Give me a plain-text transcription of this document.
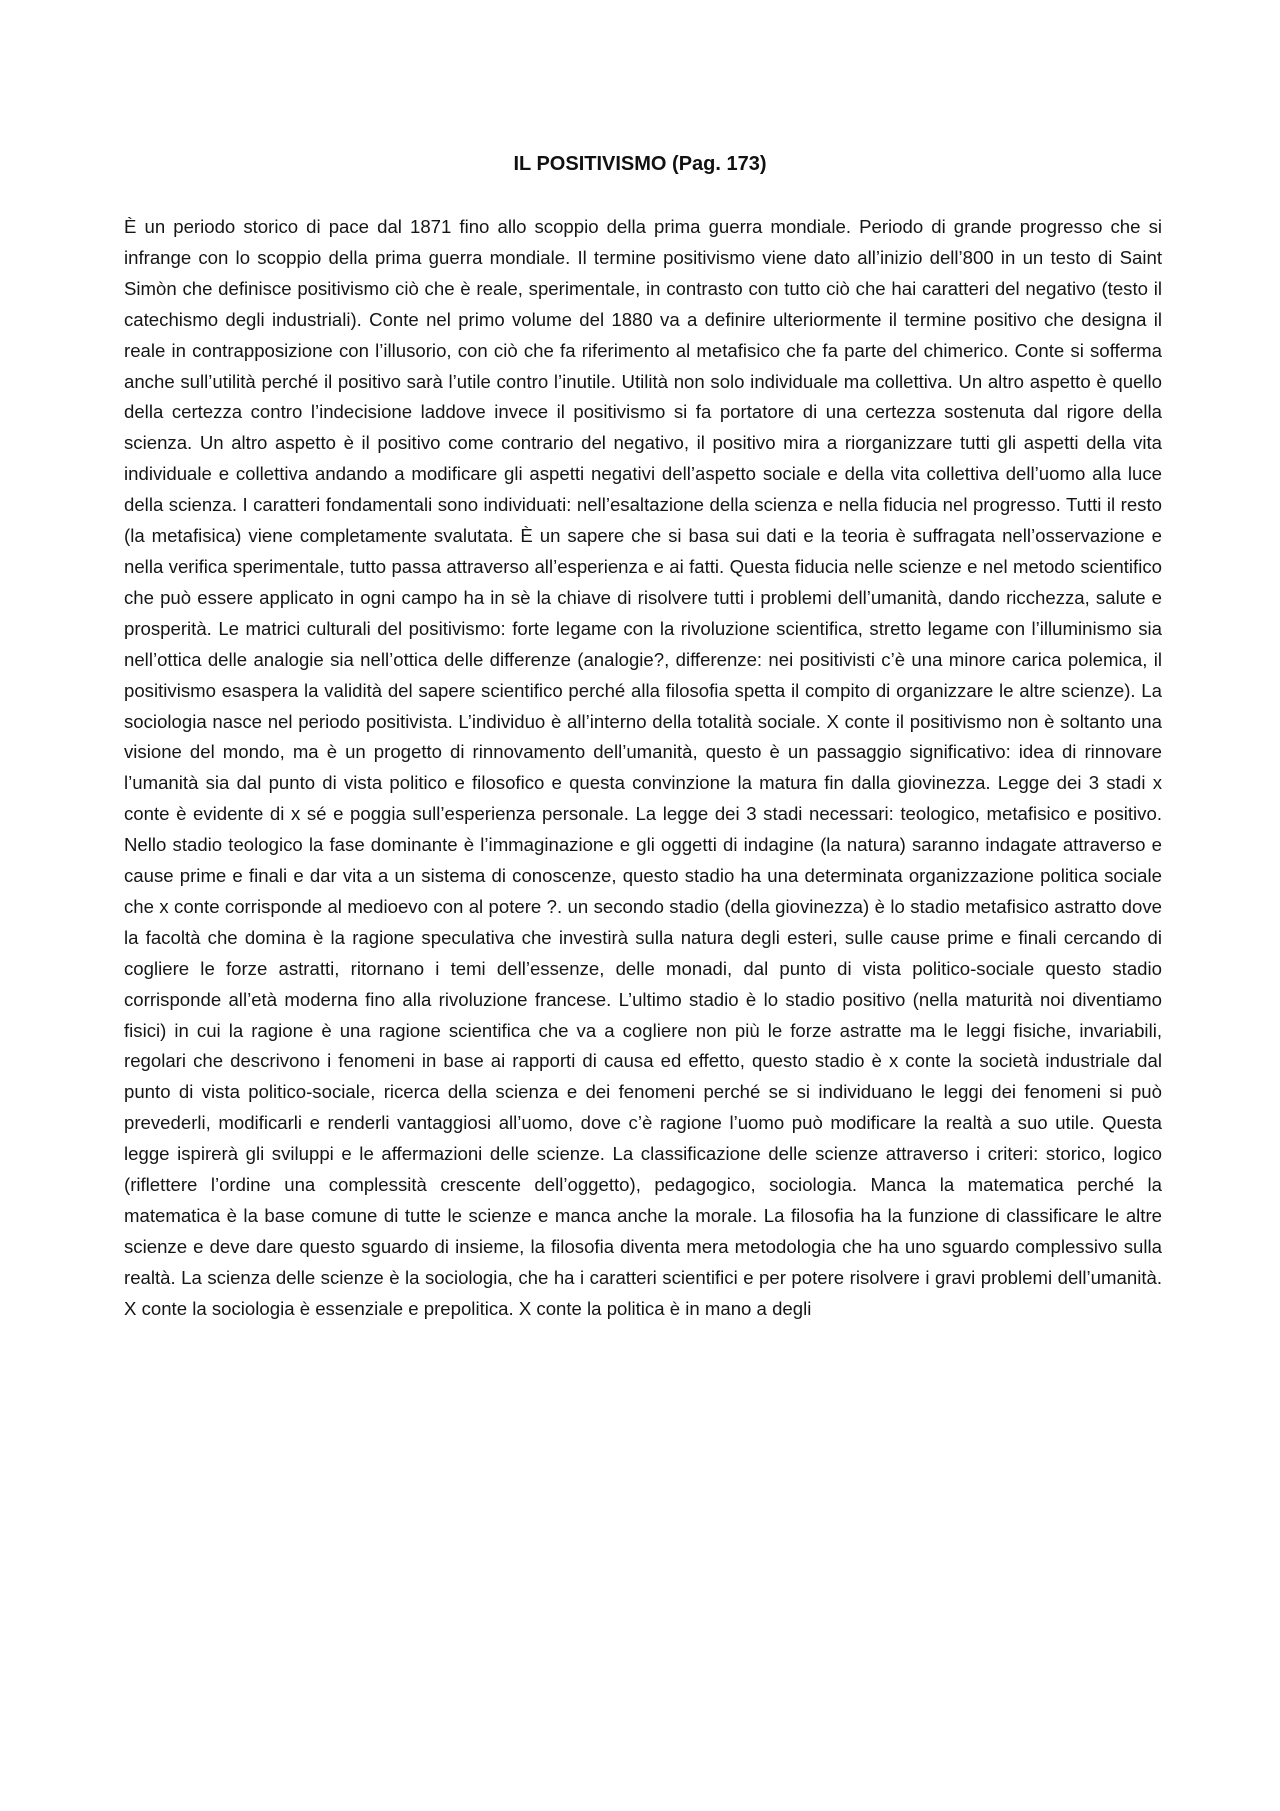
IL POSITIVISMO (Pag. 173)

È un periodo storico di pace dal 1871 fino allo scoppio della prima guerra mondiale. Periodo di grande progresso che si infrange con lo scoppio della prima guerra mondiale. Il termine positivismo viene dato all’inizio dell’800 in un testo di Saint Simòn che definisce positivismo ciò che è reale, sperimentale, in contrasto con tutto ciò che hai caratteri del negativo (testo il catechismo degli industriali). Conte nel primo volume del 1880 va a definire ulteriormente il termine positivo che designa il reale in contrapposizione con l’illusorio, con ciò che fa riferimento al metafisico che fa parte del chimerico. Conte si sofferma anche sull’utilità perché il positivo sarà l’utile contro l’inutile. Utilità non solo individuale ma collettiva. Un altro aspetto è quello della certezza contro l’indecisione laddove invece il positivismo si fa portatore di una certezza sostenuta dal rigore della scienza. Un altro aspetto è il positivo come contrario del negativo, il positivo mira a riorganizzare tutti gli aspetti della vita individuale e collettiva andando a modificare gli aspetti negativi dell’aspetto sociale e della vita collettiva dell’uomo alla luce della scienza. I caratteri fondamentali sono individuati: nell’esaltazione della scienza e nella fiducia nel progresso. Tutti il resto (la metafisica) viene completamente svalutata. È un sapere che si basa sui dati e la teoria è suffragata nell’osservazione e nella verifica sperimentale, tutto passa attraverso all’esperienza e ai fatti. Questa fiducia nelle scienze e nel metodo scientifico che può essere applicato in ogni campo ha in sè la chiave di risolvere tutti i problemi dell’umanità, dando ricchezza, salute e prosperità. Le matrici culturali del positivismo: forte legame con la rivoluzione scientifica, stretto legame con l’illuminismo sia nell’ottica delle analogie sia nell’ottica delle differenze (analogie?, differenze: nei positivisti c’è una minore carica polemica, il positivismo esaspera la validità del sapere scientifico perché alla filosofia spetta il compito di organizzare le altre scienze). La sociologia nasce nel periodo positivista. L’individuo è all’interno della totalità sociale. X conte il positivismo non è soltanto una visione del mondo, ma è un progetto di rinnovamento dell’umanità, questo è un passaggio significativo: idea di rinnovare l’umanità sia dal punto di vista politico e filosofico e questa convinzione la matura fin dalla giovinezza. Legge dei 3 stadi x conte è evidente di x sé e poggia sull’esperienza personale. La legge dei 3 stadi necessari: teologico, metafisico e positivo. Nello stadio teologico la fase dominante è l’immaginazione e gli oggetti di indagine (la natura) saranno indagate attraverso e cause prime e finali e dar vita a un sistema di conoscenze, questo stadio ha una determinata organizzazione politica sociale che x conte corrisponde al medioevo con al potere ?. un secondo stadio (della giovinezza) è lo stadio metafisico astratto dove la facoltà che domina è la ragione speculativa che investirà sulla natura degli esteri, sulle cause prime e finali cercando di cogliere le forze astratti, ritornano i temi dell’essenze, delle monadi, dal punto di vista politico-sociale questo stadio corrisponde all’età moderna fino alla rivoluzione francese. L’ultimo stadio è lo stadio positivo (nella maturità noi diventiamo fisici) in cui la ragione è una ragione scientifica che va a cogliere non più le forze astratte ma le leggi fisiche, invariabili, regolari che descrivono i fenomeni in base ai rapporti di causa ed effetto, questo stadio è x conte la società industriale dal punto di vista politico-sociale, ricerca della scienza e dei fenomeni perché se si individuano le leggi dei fenomeni si può prevederli, modificarli e renderli vantaggiosi all’uomo, dove c’è ragione l’uomo può modificare la realtà a suo utile. Questa legge ispirerà gli sviluppi e le affermazioni delle scienze. La classificazione delle scienze attraverso i criteri: storico, logico (riflettere l’ordine una complessità crescente dell’oggetto), pedagogico, sociologia. Manca la matematica perché la matematica è la base comune di tutte le scienze e manca anche la morale. La filosofia ha la funzione di classificare le altre scienze e deve dare questo sguardo di insieme, la filosofia diventa mera metodologia che ha uno sguardo complessivo sulla realtà. La scienza delle scienze è la sociologia, che ha i caratteri scientifici e per potere risolvere i gravi problemi dell’umanità. X conte la sociologia è essenziale e prepolitica. X conte la politica è in mano a degli
